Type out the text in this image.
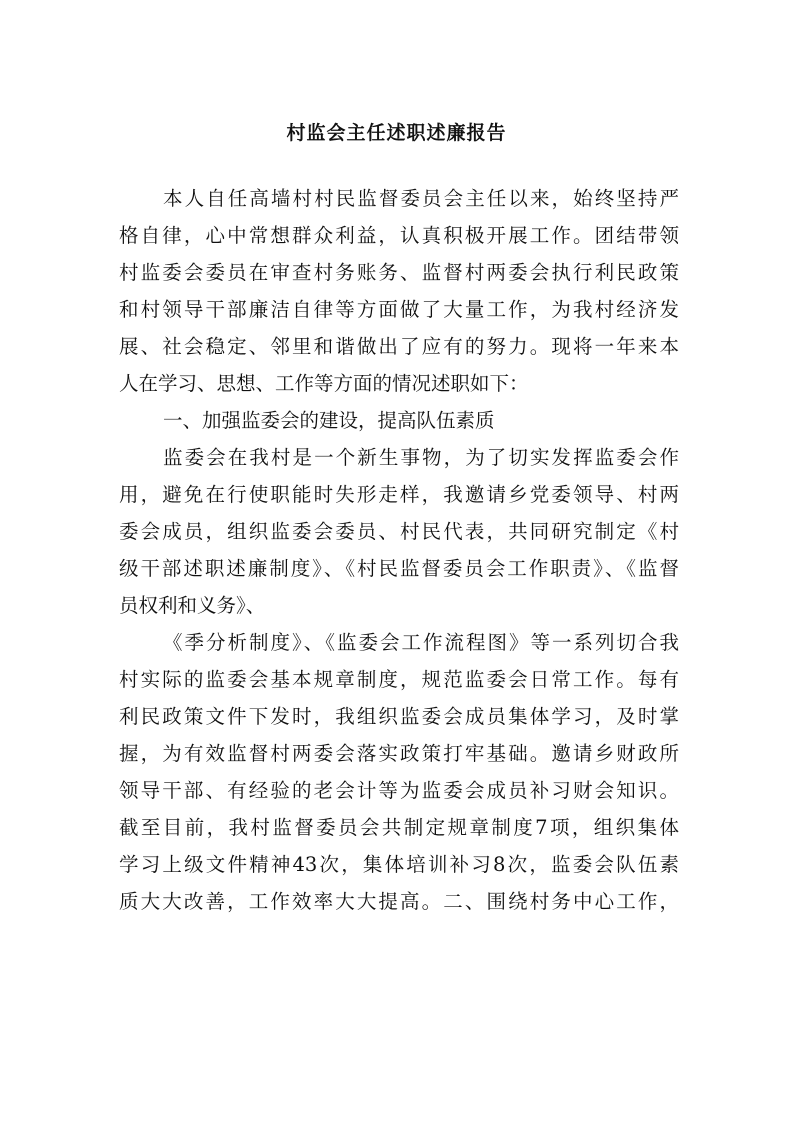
村监会主任述职述廉报告
本人自任高墙村村民监督委员会主任以来，始终坚持严
格自律，心中常想群众利益，认真积极开展工作。团结带领
村监委会委员在审查村务账务、监督村两委会执行利民政策
和村领导干部廉洁自律等方面做了大量工作，为我村经济发
展、社会稳定、邻里和谐做出了应有的努力。现将一年来本
人在学习、思想、工作等方面的情况述职如下：
一、加强监委会的建设，提高队伍素质
监委会在我村是一个新生事物，为了切实发挥监委会作
用，避免在行使职能时失形走样，我邀请乡党委领导、村两
委会成员，组织监委会委员、村民代表，共同研究制定《村
级干部述职述廉制度》、《村民监督委员会工作职责》、《监督
员权利和义务》、
《季分析制度》、《监委会工作流程图》等一系列切合我
村实际的监委会基本规章制度，规范监委会日常工作。每有
利民政策文件下发时，我组织监委会成员集体学习，及时掌
握，为有效监督村两委会落实政策打牢基础。邀请乡财政所
领导干部、有经验的老会计等为监委会成员补习财会知识。
截至目前，我村监督委员会共制定规章制度7项，组织集体
学习上级文件精神43次，集体培训补习8次，监委会队伍素
质大大改善，工作效率大大提高。二、围绕村务中心工作，
